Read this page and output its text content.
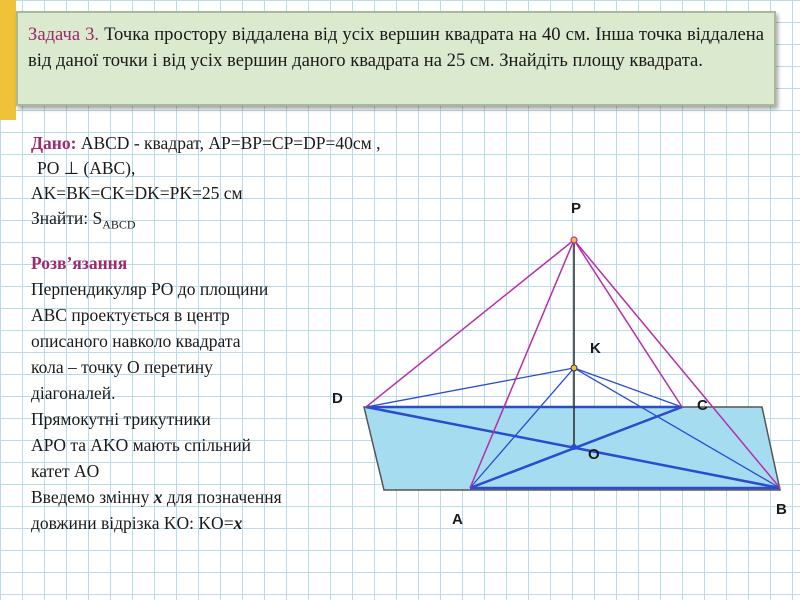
Задача 3. Точка простору віддалена від усіх вершин квадрата на 40 см. Інша точка віддалена від даної точки і від усіх вершин даного квадрата на 25 см. Знайдіть площу квадрата.
Дано: ABCD - квадрат, AP=BP=CP=DP=40см ,
PO ⊥ (ABC),
AK=BK=CK=DK=PK=25 см
Знайти: $S_{ABCD}$
Розв’язання
Перпендикуляр PO до площини
ABC проектується в центр
описаного навколо квадрата
кола – точку O перетину
діагоналей.
Прямокутні трикутники
APO та AKO мають спільний
катет AO
Введемо змінну x для позначення
довжини відрізка KO: KO=x
P
K
O
D	C
A
B
